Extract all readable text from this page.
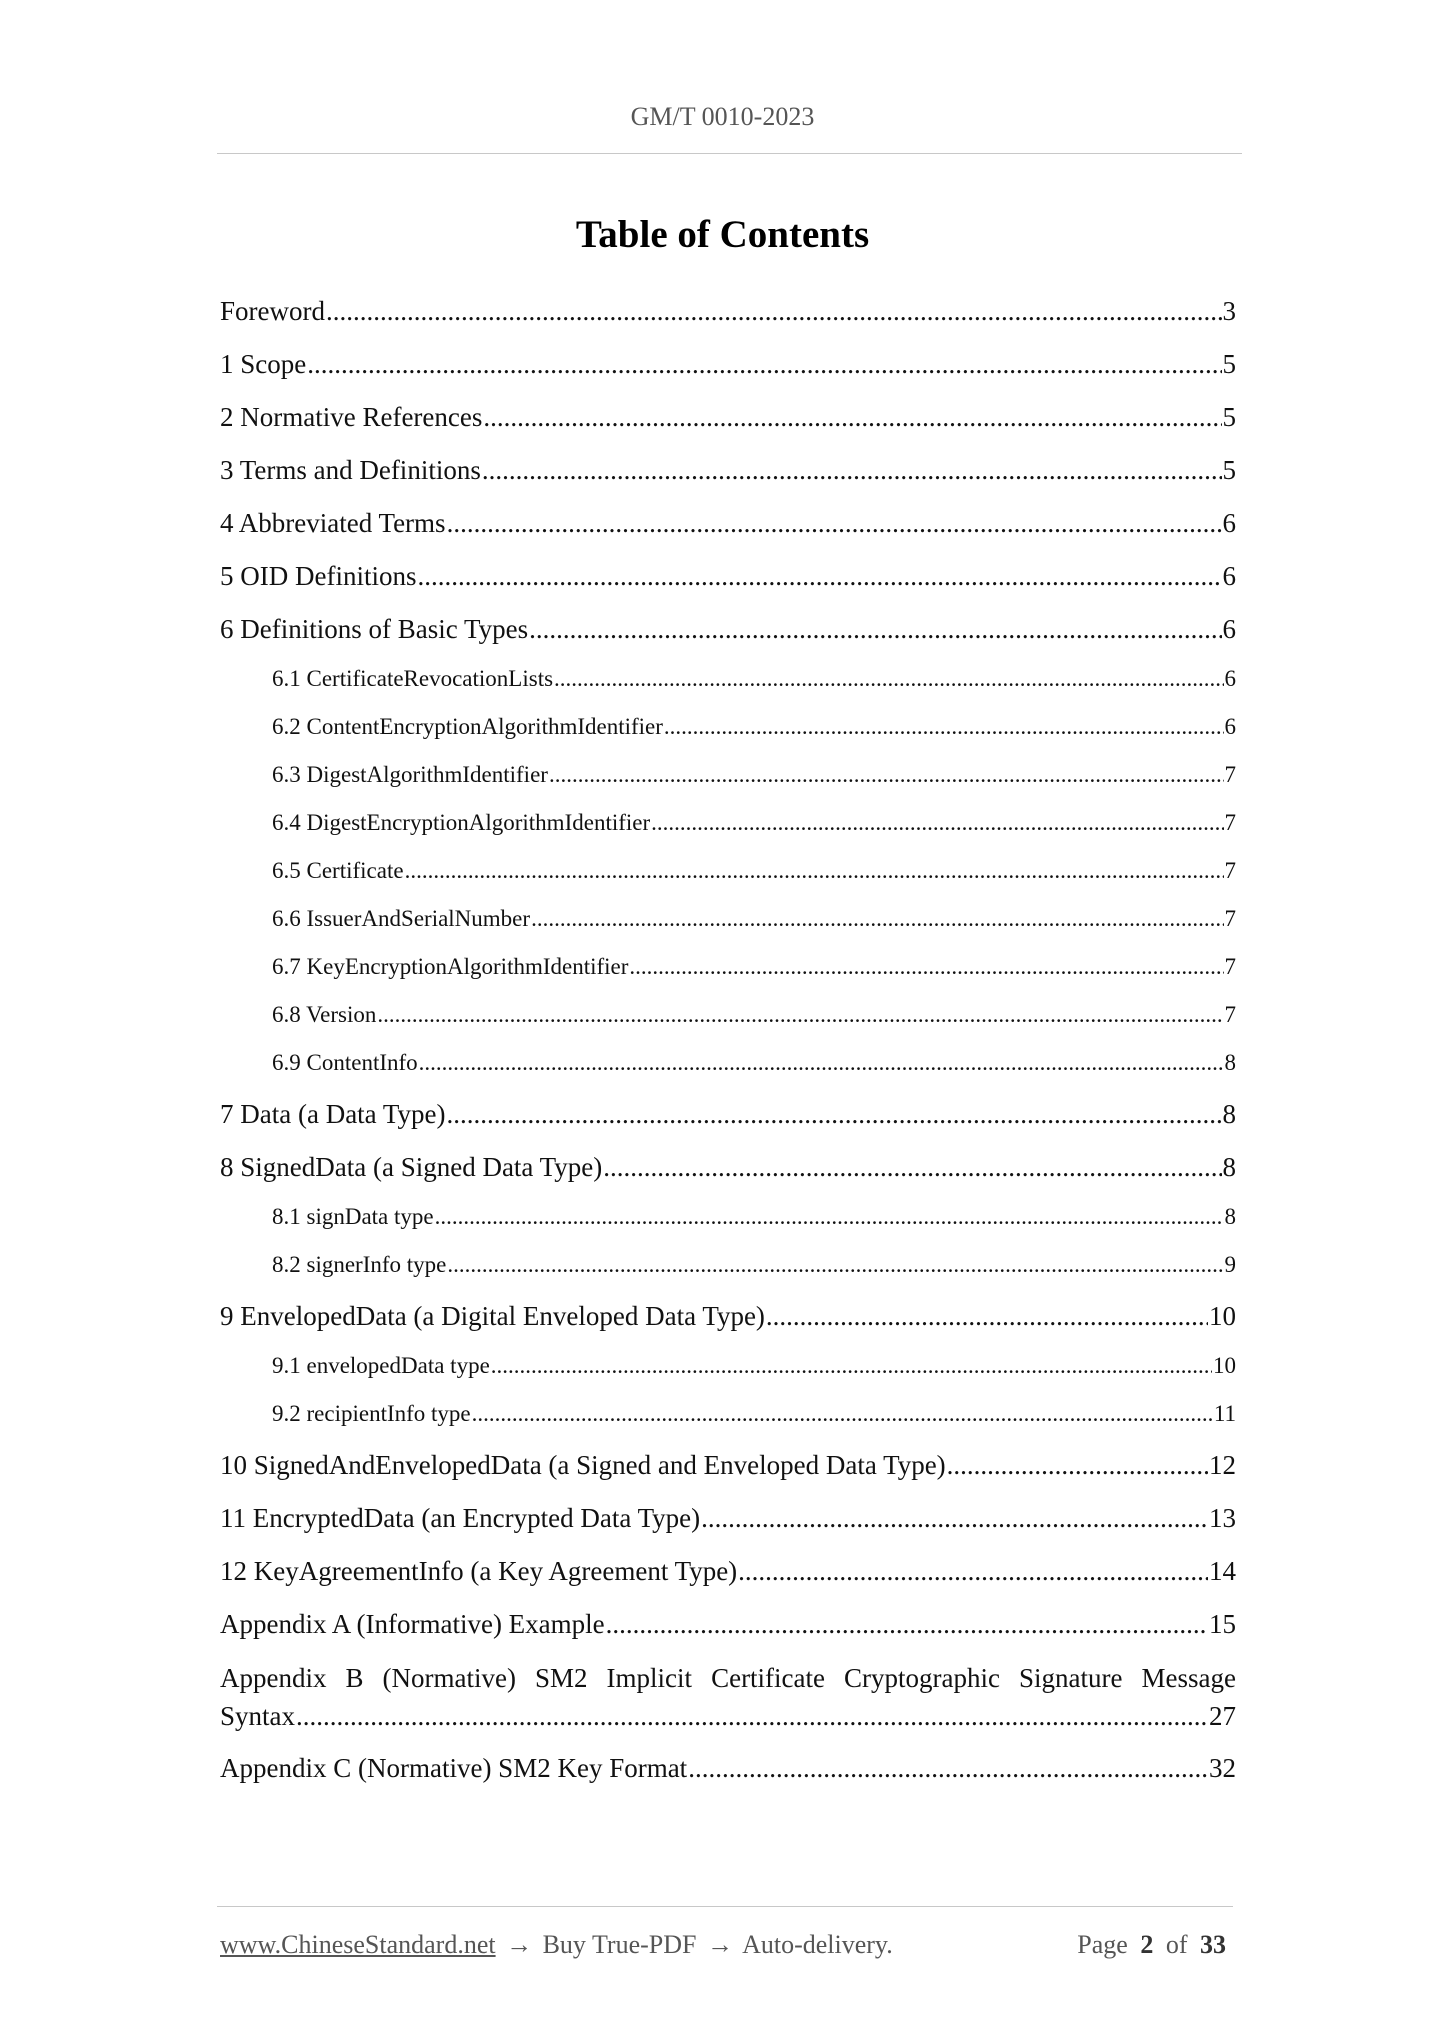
GM/T 0010-2023
Table of Contents
Foreword .....	3
1 Scope .....	5
2 Normative References .....	5
3 Terms and Definitions .....	5
4 Abbreviated Terms .....	6
5 OID Definitions .....	6
6 Definitions of Basic Types .....	6
6.1 CertificateRevocationLists .....	6
6.2 ContentEncryptionAlgorithmIdentifier .....	6
6.3 DigestAlgorithmIdentifier .....	7
6.4 DigestEncryptionAlgorithmIdentifier .....	7
6.5 Certificate .....	7
6.6 IssuerAndSerialNumber .....	7
6.7 KeyEncryptionAlgorithmIdentifier .....	7
6.8 Version .....	7
6.9 ContentInfo .....	8
7 Data (a Data Type) .....	8
8 SignedData (a Signed Data Type) .....	8
8.1 signData type .....	8
8.2 signerInfo type .....	9
9 EnvelopedData (a Digital Enveloped Data Type) .....	10
9.1 envelopedData type .....	10
9.2 recipientInfo type .....	11
10 SignedAndEnvelopedData (a Signed and Enveloped Data Type) .....	12
11 EncryptedData (an Encrypted Data Type) .....	13
12 KeyAgreementInfo (a Key Agreement Type) .....	14
Appendix A (Informative) Example .....	15
Appendix B (Normative) SM2 Implicit Certificate Cryptographic Signature Message
Syntax .....	27
Appendix C (Normative) SM2 Key Format .....	32
www.ChineseStandard.net → Buy True-PDF → Auto-delivery.	Page 2 of 33
